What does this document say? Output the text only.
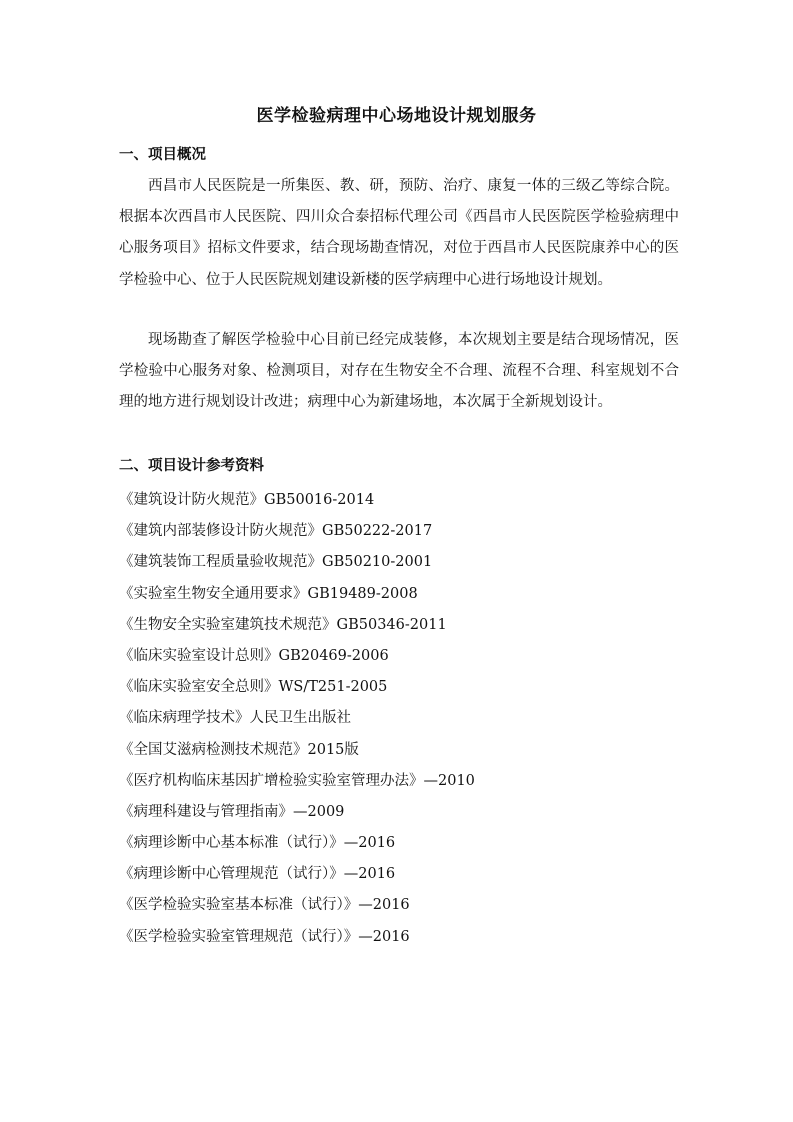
医学检验病理中心场地设计规划服务
一、项目概况

西昌市人民医院是一所集医、教、研，预防、治疗、康复一体的三级乙等综合院。根据本次西昌市人民医院、四川众合泰招标代理公司《西昌市人民医院医学检验病理中心服务项目》招标文件要求，结合现场勘查情况，对位于西昌市人民医院康养中心的医学检验中心、位于人民医院规划建设新楼的医学病理中心进行场地设计规划。

现场勘查了解医学检验中心目前已经完成装修，本次规划主要是结合现场情况，医学检验中心服务对象、检测项目，对存在生物安全不合理、流程不合理、科室规划不合理的地方进行规划设计改进；病理中心为新建场地，本次属于全新规划设计。

二、项目设计参考资料
《建筑设计防火规范》GB50016-2014
《建筑内部装修设计防火规范》GB50222-2017
《建筑装饰工程质量验收规范》GB50210-2001
《实验室生物安全通用要求》GB19489-2008
《生物安全实验室建筑技术规范》GB50346-2011
《临床实验室设计总则》GB20469-2006
《临床实验室安全总则》WS/T251-2005
《临床病理学技术》人民卫生出版社
《全国艾滋病检测技术规范》2015版
《医疗机构临床基因扩增检验实验室管理办法》—2010
《病理科建设与管理指南》—2009
《病理诊断中心基本标准（试行）》—2016
《病理诊断中心管理规范（试行）》—2016
《医学检验实验室基本标准（试行）》—2016
《医学检验实验室管理规范（试行）》—2016
